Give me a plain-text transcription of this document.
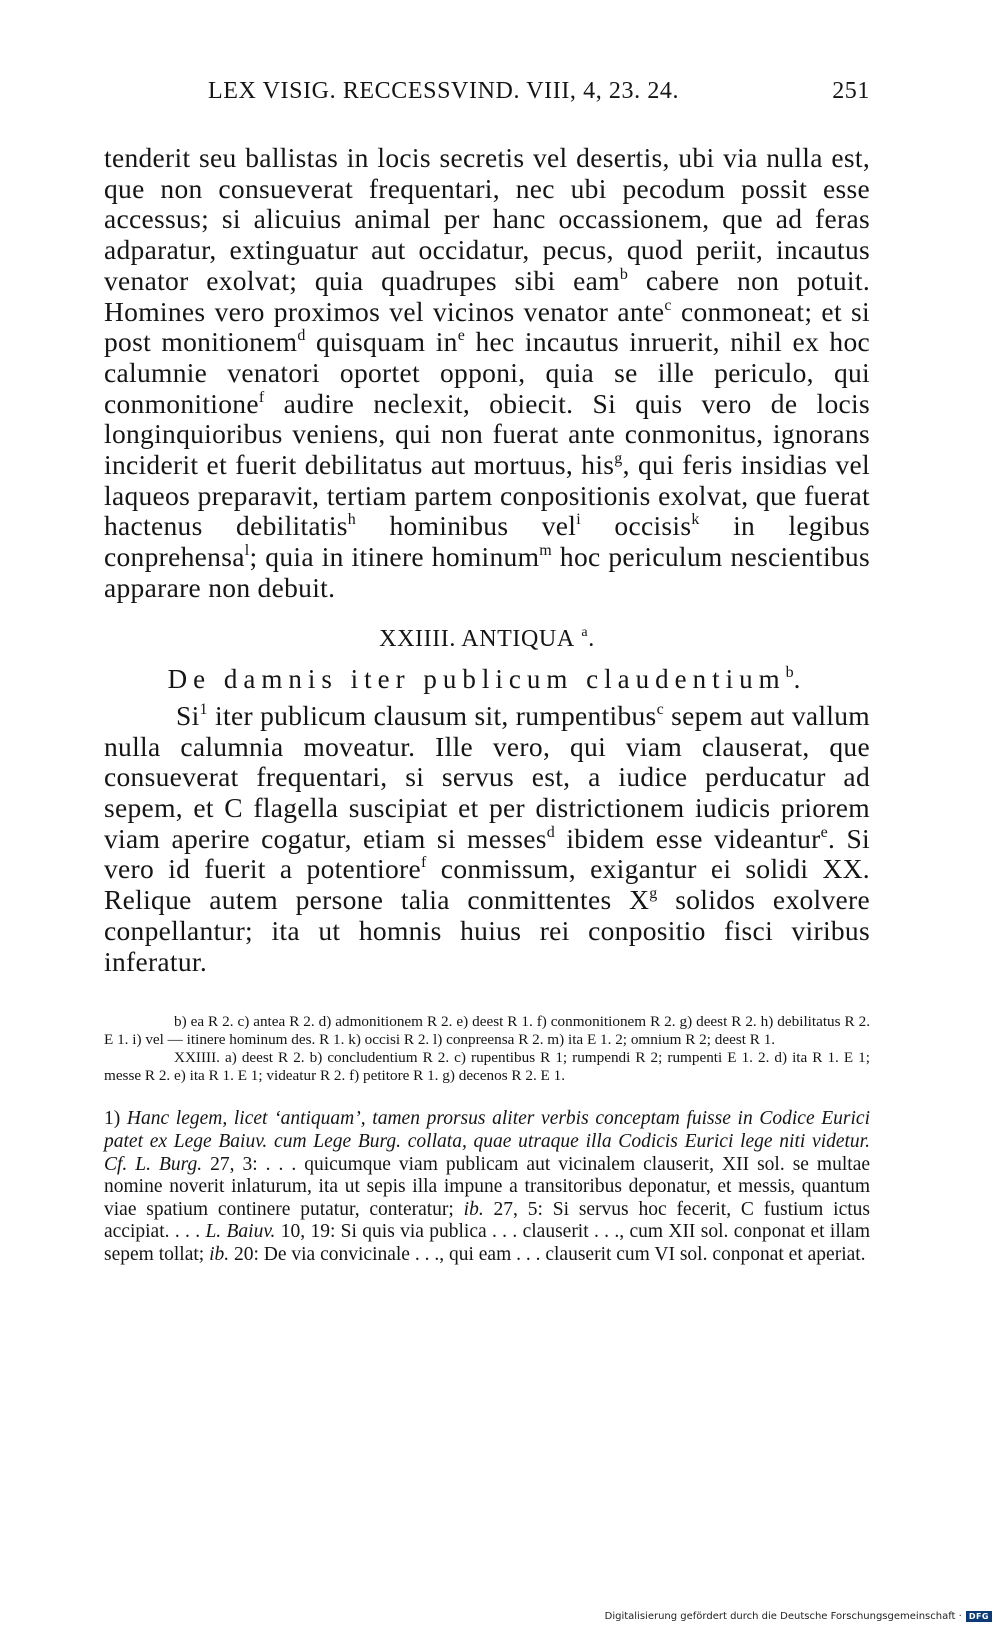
LEX VISIG. RECCESSVIND. VIII, 4, 23. 24.	251

tenderit seu ballistas in locis secretis vel desertis, ubi via nulla est, que non consueverat frequentari, nec ubi pecodum possit esse accessus; si alicuius animal per hanc occassionem, que ad feras adparatur, extinguatur aut occidatur, pecus, quod periit, incautus venator exolvat; quia quadrupes sibi eam$^b$ cabere non potuit. Homines vero proximos vel vicinos venator ante$^c$ conmoneat; et si post monitionem$^d$ quisquam $in^e$ hec incautus inruerit, nihil ex hoc calumnie venatori oportet opponi, quia se ille periculo, qui conmonitione$^f$ audire neclexit, obiecit. Si quis vero de locis longinquioribus veniens, qui non fuerat ante conmonitus, ignorans inciderit et fuerit debilitatus aut mortuus, his$^g$, qui feris insidias vel laqueos preparavit, tertiam partem conpositionis exolvat, que fuerat hactenus debilitatis$^h$ hominibus vel$^i$ occisis$^k$ in legibus conprehensa$^l$; quia in itinere hominum$^m$ hoc periculum nescientibus apparare non debuit.

XXIIII. ANTIQUA $^a$.
De damnis iter publicum claudentium$^b$.

Si$^1$ iter publicum clausum sit, rumpentibus$^c$ sepem aut vallum nulla calumnia moveatur. Ille vero, qui viam clauserat, que consueverat frequentari, si servus est, a iudice perducatur ad sepem, et C flagella suscipiat et per districtionem iudicis priorem viam aperire cogatur, etiam si messes$^d$ ibidem esse videantur$^e$. Si vero id fuerit a potentiore$^f$ conmissum, exigantur ei solidi XX. Relique autem persone talia conmittentes $X^g$ solidos exolvere conpellantur; ita ut homnis huius rei conpositio fisci viribus inferatur.

b) ea R 2. c) antea R 2. d) admonitionem R 2. e) deest R 1. f) conmonitionem R 2. g) deest R 2. h) debilitatus R 2. E 1. i) vel — itinere hominum des. R 1. k) occisi R 2. l) conpreensa R 2. m) ita E 1. 2; omnium R 2; deest R 1.

XXIIII. a) deest R 2. b) concludentium R 2. c) rupentibus R 1; rumpendi R 2; rumpenti E 1. 2. d) ita R 1. E 1; messe R 2. e) ita R 1. E 1; videatur R 2. f) petitore R 1. g) decenos R 2. E 1.

1) Hanc legem, licet ‘antiquam’, tamen prorsus aliter verbis conceptam fuisse in Codice Eurici patet ex Lege Baiuv. cum Lege Burg. collata, quae utraque illa Codicis Eurici lege niti videtur. Cf. L. Burg. 27, 3: . . . quicumque viam publicam aut vicinalem clauserit, XII sol. se multae nomine noverit inlaturum, ita ut sepis illa impune a transitoribus deponatur, et messis, quantum viae spatium continere putatur, conteratur; ib. 27, 5: Si servus hoc fecerit, C fustium ictus accipiat. . . . L. Baiuv. 10, 19: Si quis via publica . . . clauserit . . ., cum XII sol. conponat et illam sepem tollat; ib. 20: De via convicinale . . ., qui eam . . . clauserit cum VI sol. conponat et aperiat.

Digitalisierung gefördert durch die Deutsche Forschungsgemeinschaft · DFG
